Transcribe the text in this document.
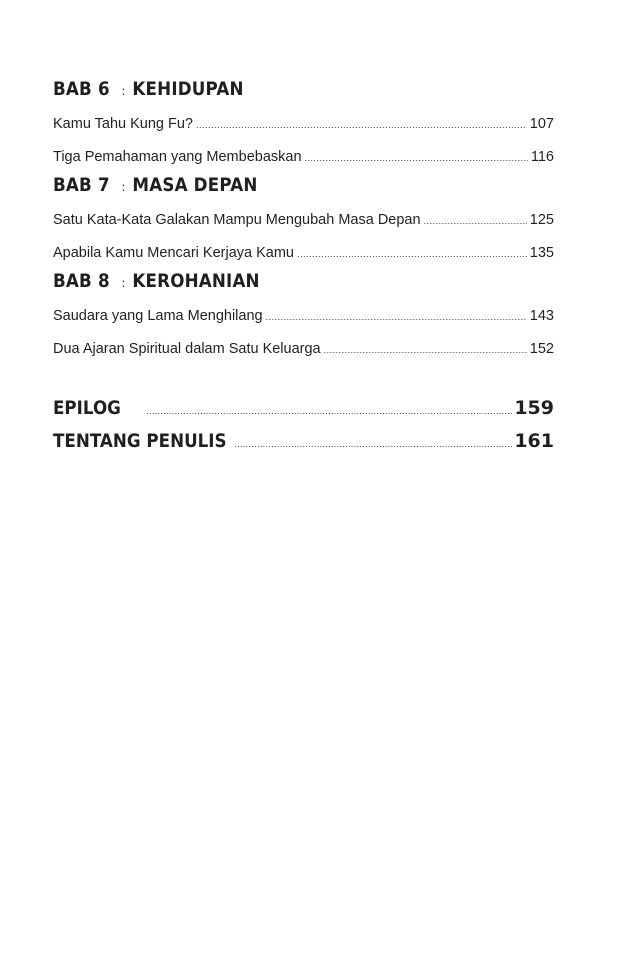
BAB 6 : KEHIDUPAN
Kamu Tahu Kung Fu? .....	107
Tiga Pemahaman yang Membebaskan .....	116
BAB 7 : MASA DEPAN
Satu Kata-Kata Galakan Mampu Mengubah Masa Depan .....	125
Apabila Kamu Mencari Kerjaya Kamu .....	135
BAB 8 : KEROHANIAN
Saudara yang Lama Menghilang .....	143
Dua Ajaran Spiritual dalam Satu Keluarga .....	152
EPILOG .....	159
TENTANG PENULIS .....	161
